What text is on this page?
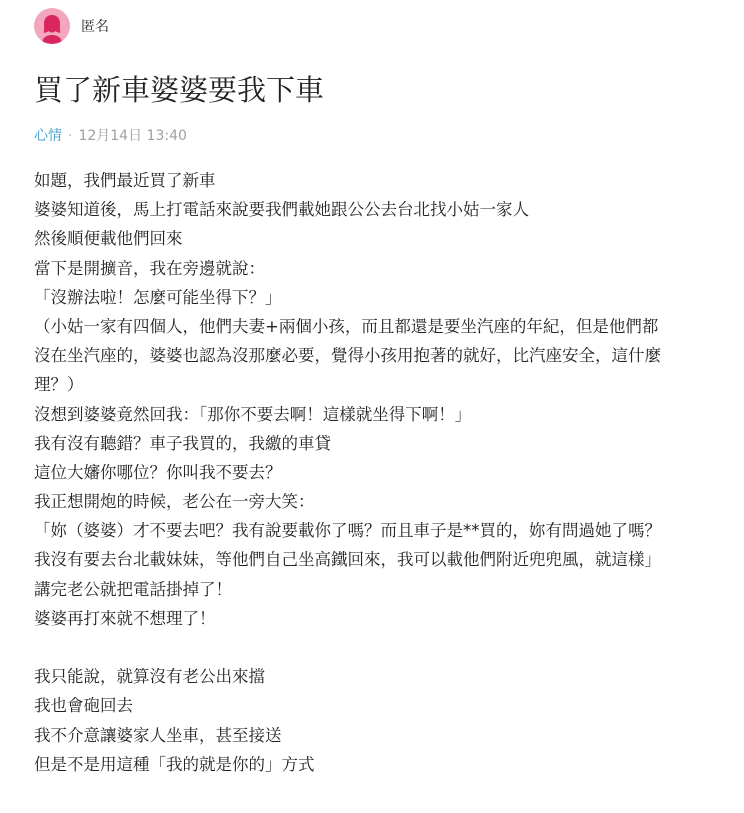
匿名
買了新車婆婆要我下車
心情 · 12月14日 13:40
如題，我們最近買了新車
婆婆知道後，馬上打電話來說要我們載她跟公公去台北找小姑一家人
然後順便載他們回來
當下是開擴音，我在旁邊就說：
「沒辦法啦！怎麼可能坐得下？」
（小姑一家有四個人，他們夫妻+兩個小孩，而且都還是要坐汽座的年紀，但是他們都
沒在坐汽座的，婆婆也認為沒那麼必要，覺得小孩用抱著的就好，比汽座安全，這什麼
理？）
沒想到婆婆竟然回我：「那你不要去啊！這樣就坐得下啊！」
我有沒有聽錯？車子我買的，我繳的車貸
這位大嬸你哪位？你叫我不要去？
我正想開炮的時候，老公在一旁大笑：
「妳（婆婆）才不要去吧？我有說要載你了嗎？而且車子是**買的，妳有問過她了嗎？
我沒有要去台北載妹妹，等他們自己坐高鐵回來，我可以載他們附近兜兜風，就這樣」
講完老公就把電話掛掉了！
婆婆再打來就不想理了！
我只能說，就算沒有老公出來擋
我也會砲回去
我不介意讓婆家人坐車，甚至接送
但是不是用這種「我的就是你的」方式
